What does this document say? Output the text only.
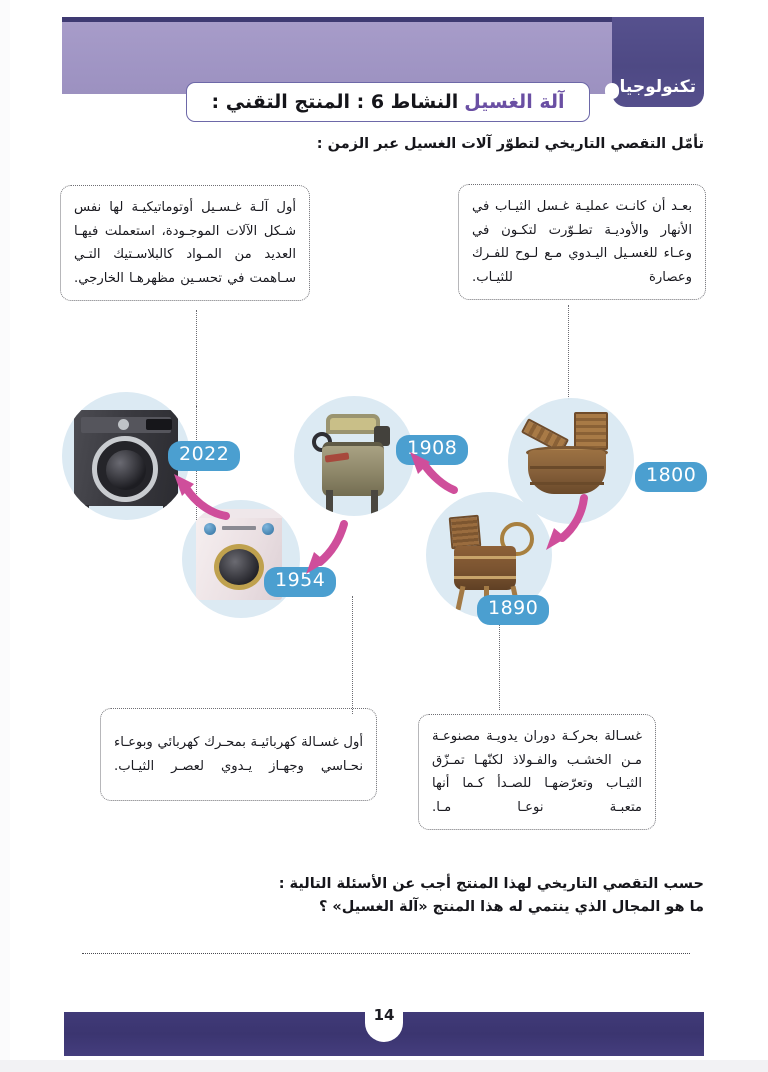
تكنولوجيا
آلة الغسيل
النشاط 6 : المنتج التقني :
تأمّل التقصي التاريخي لتطوّر آلات الغسيل عبر الزمن :
بعـد أن كانـت عمليـة غـسل الثيـاب في الأنهار والأوديـة تطـوّرت لتكـون في وعـاء للغسـيل اليـدوي مـع لـوح للفـرك وعصارة للثيـاب.
أول آلـة غـسـيل أوتوماتيكيـة لها نفس شـكل الآلات الموجـودة، استعملت فيهـا العديد من المـواد كالبلاسـتيك التـي سـاهمت في تحسـين مظهرهـا الخارجي.
غسـالة بحركـة دوران يدويـة مصنوعـة مـن الخشـب والفـولاذ لكنّهـا تمـزّق الثيـاب وتعرّضهـا للصـدأ كـما أنها متعبـة نوعـا مـا.
أول غسـالة كهربائيـة بمحـرك كهربائي وبوعـاء نحـاسي وجهـاز يـدوي لعصـر الثيـاب.
2022
1954
1908
1890
1800
حسب التقصي التاريخي لهذا المنتج أجب عن الأسئلة التالية :
ما هو المجال الذي ينتمي له هذا المنتج «آلة الغسيل» ؟
14
